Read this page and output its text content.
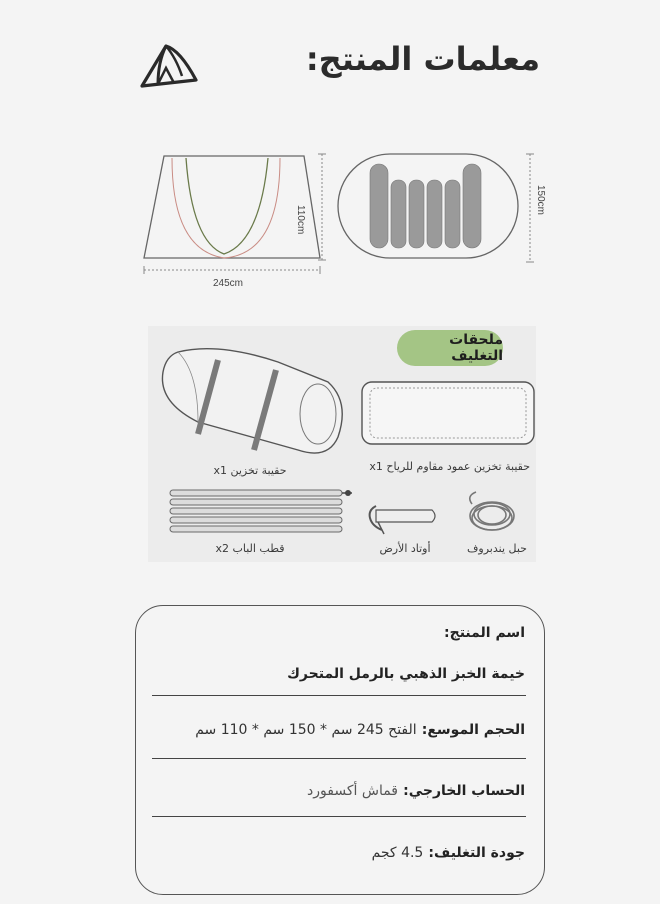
معلمات المنتج:
245cm
110cm
150cm
ملحقات التغليف
حقيبة تخزين x1	حقيبة تخزين عمود مقاوم للرياح x1
قطب الباب x2	أوتاد الأرض	حبل يندبروف
اسم المنتج:
خيمة الخبز الذهبي بالرمل المتحرك
الحجم الموسع: الفتح 245 سم * 150 سم * 110 سم
الحساب الخارجي: قماش أكسفورد
جودة التغليف: 4.5 كجم
